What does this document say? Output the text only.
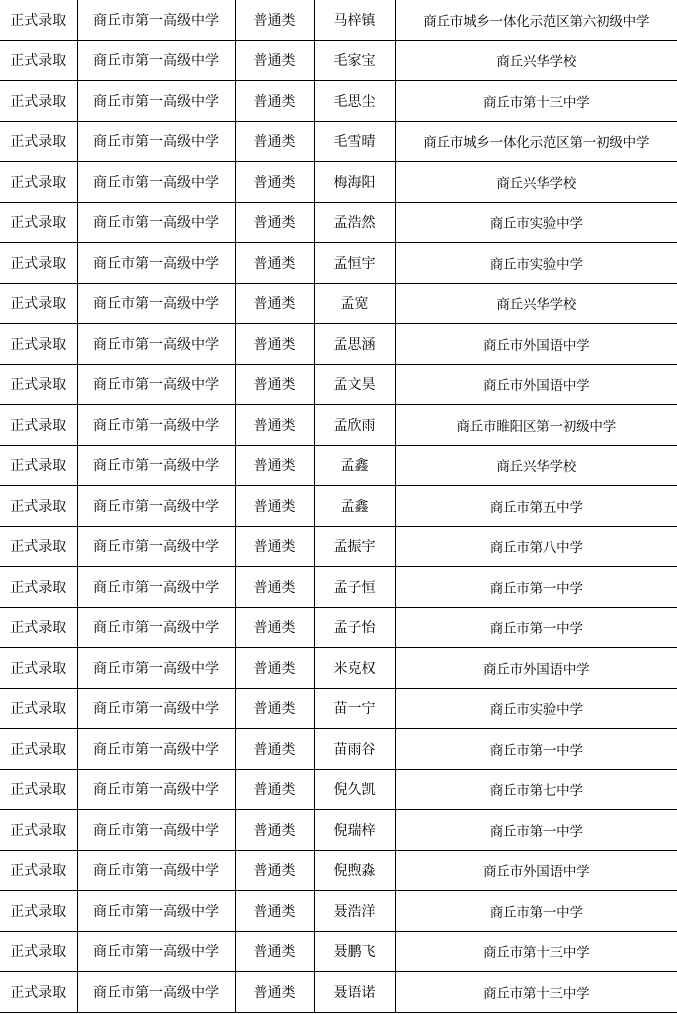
正式录取	商丘市第一高级中学	普通类	马梓镇	商丘市城乡一体化示范区第六初级中学
正式录取	商丘市第一高级中学	普通类	毛家宝	商丘兴华学校
正式录取	商丘市第一高级中学	普通类	毛思尘	商丘市第十三中学
正式录取	商丘市第一高级中学	普通类	毛雪晴	商丘市城乡一体化示范区第一初级中学
正式录取	商丘市第一高级中学	普通类	梅海阳	商丘兴华学校
正式录取	商丘市第一高级中学	普通类	孟浩然	商丘市实验中学
正式录取	商丘市第一高级中学	普通类	孟恒宇	商丘市实验中学
正式录取	商丘市第一高级中学	普通类	孟宽	商丘兴华学校
正式录取	商丘市第一高级中学	普通类	孟思涵	商丘市外国语中学
正式录取	商丘市第一高级中学	普通类	孟文昊	商丘市外国语中学
正式录取	商丘市第一高级中学	普通类	孟欣雨	商丘市睢阳区第一初级中学
正式录取	商丘市第一高级中学	普通类	孟鑫	商丘兴华学校
正式录取	商丘市第一高级中学	普通类	孟鑫	商丘市第五中学
正式录取	商丘市第一高级中学	普通类	孟振宇	商丘市第八中学
正式录取	商丘市第一高级中学	普通类	孟子恒	商丘市第一中学
正式录取	商丘市第一高级中学	普通类	孟子怡	商丘市第一中学
正式录取	商丘市第一高级中学	普通类	米克权	商丘市外国语中学
正式录取	商丘市第一高级中学	普通类	苗一宁	商丘市实验中学
正式录取	商丘市第一高级中学	普通类	苗雨谷	商丘市第一中学
正式录取	商丘市第一高级中学	普通类	倪久凯	商丘市第七中学
正式录取	商丘市第一高级中学	普通类	倪瑞梓	商丘市第一中学
正式录取	商丘市第一高级中学	普通类	倪煦淼	商丘市外国语中学
正式录取	商丘市第一高级中学	普通类	聂浩洋	商丘市第一中学
正式录取	商丘市第一高级中学	普通类	聂鹏飞	商丘市第十三中学
正式录取	商丘市第一高级中学	普通类	聂语诺	商丘市第十三中学
